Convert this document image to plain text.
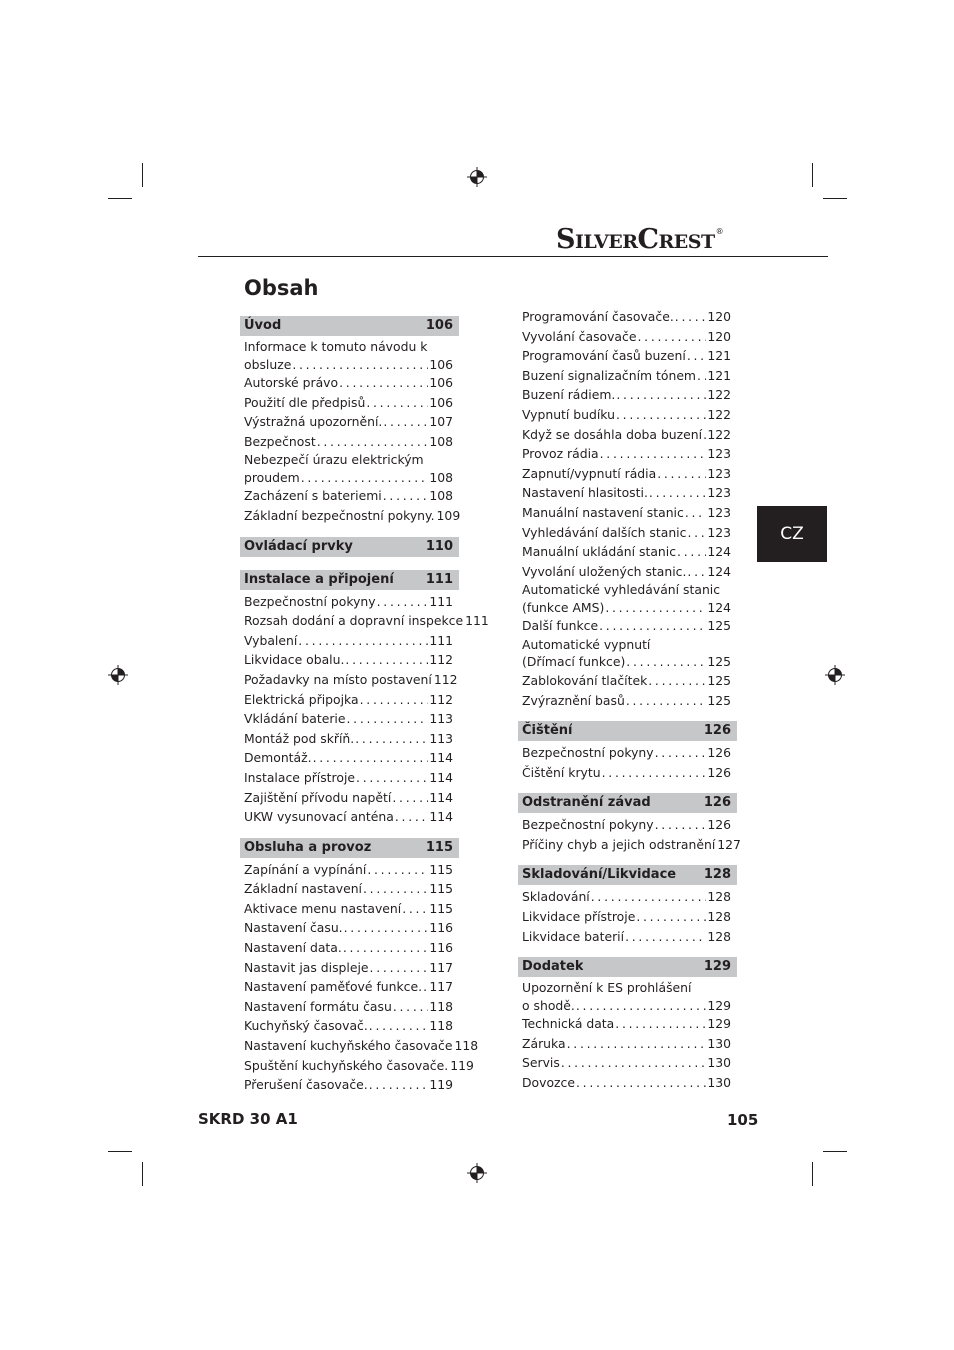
SilverCrest®
Obsah
Úvod	106
Informace k tomuto návodu k
obsluze . . .	106
Autorské právo . . .	106
Použití dle předpisů . . .	106
Výstražná upozornění. . . .	107
Bezpečnost . . .	108
Nebezpečí úrazu elektrickým
proudem . . .	108
Zacházení s bateriemi . . .	108
Základní bezpečnostní pokyny. 109
Ovládací prvky	110
Instalace a připojení 111
Bezpečnostní pokyny . . .	111
Rozsah dodání a dopravní inspekce 111
Vybalení . . .	111
Likvidace obalu. . . .	112
Požadavky na místo postavení 112
Elektrická připojka . . .	112
Vkládání baterie . . .	113
Montáž pod skříň. . . .	113
Demontáž. . . .	114
Instalace přístroje . . .	114
Zajištění přívodu napětí . . .	114
UKW vysunovací anténa . . .	114
Obsluha a provoz	115
Zapínání a vypínání . . .	115
Základní nastavení . . .	115
Aktivace menu nastavení . . . 115
Nastavení času. . . .	116
Nastavení data. . . .	116
Nastavit jas displeje . . .	117
Nastavení paměťové funkce. . . . 117
Nastavení formátu času . . .	118
Kuchyňský časovač. . . .	118
Nastavení kuchyňského časovače 118
Spuštění kuchyňského časovače. 119
Přerušení časovače. . . .	119
Programování časovače. . . .	120
Vyvolání časovače . . .	120
Programování časů buzení . . . 121
Buzení signalizačním tónem . . . 121
Buzení rádiem. . . .	122
Vypnutí budíku . . .	122
Když se dosáhla doba buzení . . . 122
Provoz rádia . . .	123
Zapnutí/vypnutí rádia . . .	123
Nastavení hlasitosti. . . .	123
Manuální nastavení stanic . . . 123
Vyhledávání dalších stanic . . . 123
Manuální ukládání stanic . . .	124
Vyvolání uložených stanic. . . . 124
Automatické vyhledávání stanic
(funkce AMS) . . .	124
Další funkce . . .	125
Automatické vypnutí
(Dřímací funkce) . . .	125
Zablokování tlačítek . . .	125
Zvýraznění basů . . .	125
Čištění	126
Bezpečnostní pokyny . . .	126
Čištění krytu . . .	126
Odstranění závad	126
Bezpečnostní pokyny . . .	126
Příčiny chyb a jejich odstranění 127
Skladování/Likvidace 128
Skladování . . .	128
Likvidace přístroje . . .	128
Likvidace baterií . . .	128
Dodatek	129
Upozornění k ES prohlášení
o shodě. . . .	129
Technická data . . .	129
Záruka . . .	130
Servis . . .	130
Dovozce . . .	130
CZ
SKRD 30 A1	105
